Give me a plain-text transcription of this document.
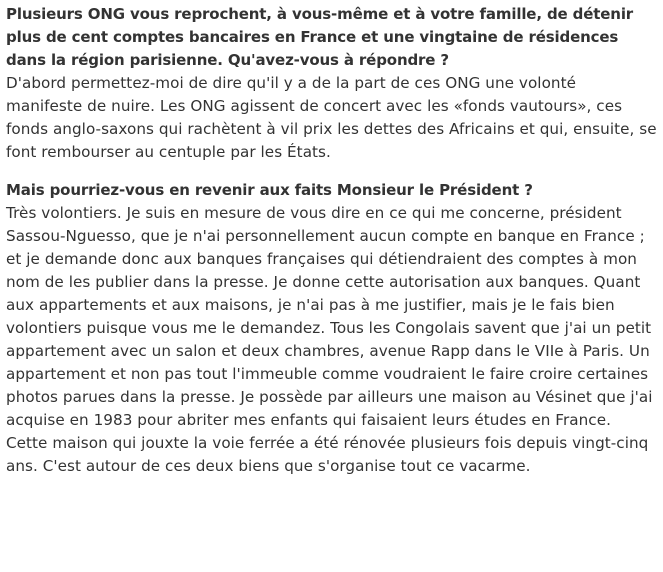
Plusieurs ONG vous reprochent, à vous-même et à votre famille, de détenir plus de cent comptes bancaires en France et une vingtaine de résidences dans la région parisienne. Qu'avez-vous à répondre ?
D'abord permettez-moi de dire qu'il y a de la part de ces ONG une volonté manifeste de nuire. Les ONG agissent de concert avec les «fonds vautours», ces fonds anglo-saxons qui rachètent à vil prix les dettes des Africains et qui, ensuite, se font rembourser au centuple par les États.
Mais pourriez-vous en revenir aux faits Monsieur le Président ?
Très volontiers. Je suis en mesure de vous dire en ce qui me concerne, président Sassou-Nguesso, que je n'ai personnellement aucun compte en banque en France ; et je demande donc aux banques françaises qui détiendraient des comptes à mon nom de les publier dans la presse. Je donne cette autorisation aux banques. Quant aux appartements et aux maisons, je n'ai pas à me justifier, mais je le fais bien volontiers puisque vous me le demandez. Tous les Congolais savent que j'ai un petit appartement avec un salon et deux chambres, avenue Rapp dans le VIIe à Paris. Un appartement et non pas tout l'immeuble comme voudraient le faire croire certaines photos parues dans la presse. Je possède par ailleurs une maison au Vésinet que j'ai acquise en 1983 pour abriter mes enfants qui faisaient leurs études en France. Cette maison qui jouxte la voie ferrée a été rénovée plusieurs fois depuis vingt-cinq ans. C'est autour de ces deux biens que s'organise tout ce vacarme.
